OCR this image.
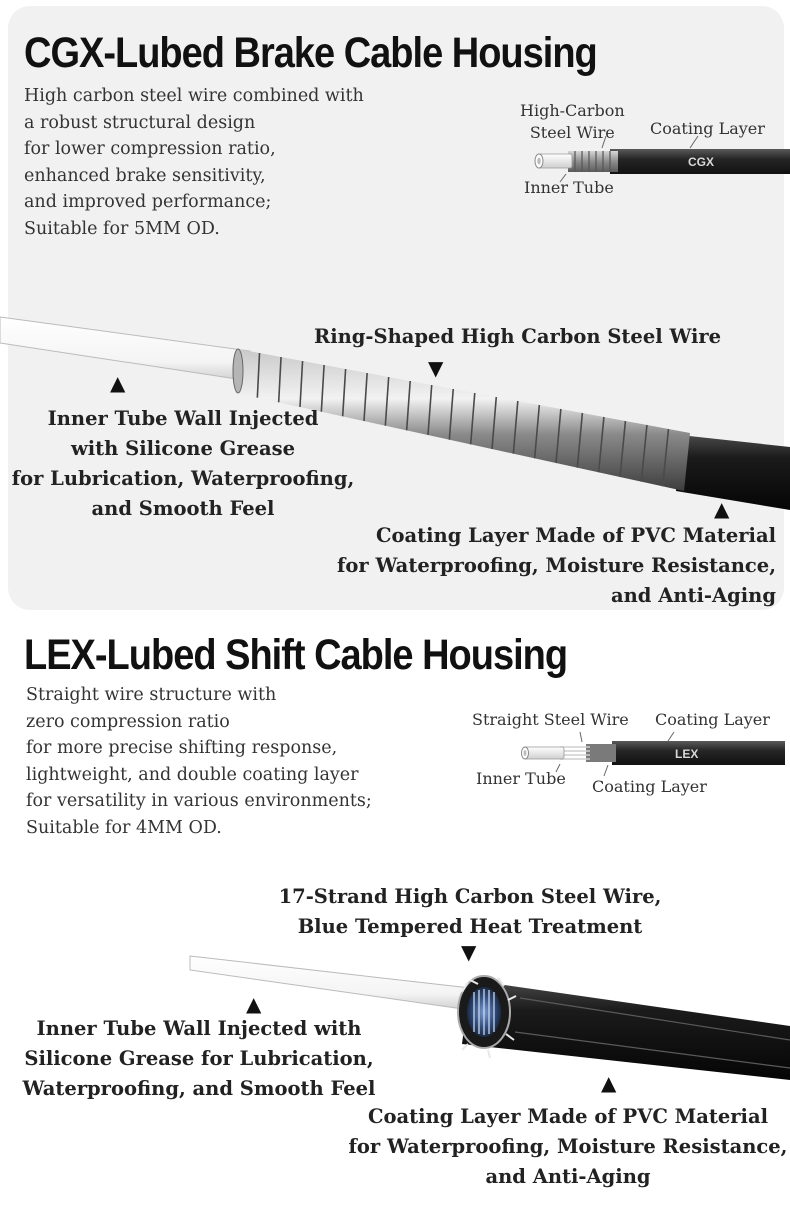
CGX-Lubed Brake Cable Housing
High carbon steel wire combined with
a robust structural design
for lower compression ratio,
enhanced brake sensitivity,
and improved performance;
Suitable for 5MM OD.
CGX
High-Carbon
Steel Wire	Coating Layer
Inner Tube
Ring-Shaped High Carbon Steel Wire
▼
▲
Inner Tube Wall Injected
with Silicone Grease
for Lubrication, Waterproofing,
and Smooth Feel	▲
Coating Layer Made of PVC Material
for Waterproofing, Moisture Resistance,
and Anti-Aging
LEX-Lubed Shift Cable Housing
Straight wire structure with
zero compression ratio
for more precise shifting response,
lightweight, and double coating layer
for versatility in various environments;
Suitable for 4MM OD.
LEX
Straight Steel Wire Coating Layer
Inner Tube Coating Layer
17-Strand High Carbon Steel Wire,
Blue Tempered Heat Treatment
▼
▲
Inner Tube Wall Injected with
Silicone Grease for Lubrication,
Waterproofing, and Smooth Feel	▲
Coating Layer Made of PVC Material
for Waterproofing, Moisture Resistance,
and Anti-Aging
